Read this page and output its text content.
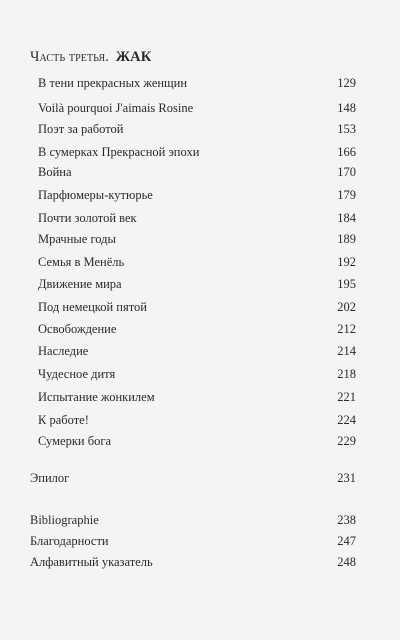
Часть третья. ЖАК
В тени прекрасных женщин	129
Voilà pourquoi J'aimais Rosine	148
Поэт за работой	153
В сумерках Прекрасной эпохи	166
Война	170
Парфюмеры-кутюрье	179
Почти золотой век	184
Мрачные годы	189
Семья в Менёль	192
Движение мира	195
Под немецкой пятой	202
Освобождение	212
Наследие	214
Чудесное дитя	218
Испытание жонкилем	221
К работе!	224
Сумерки бога	229
Эпилог	231
Bibliographie	238
Благодарности	247
Алфавитный указатель	248
